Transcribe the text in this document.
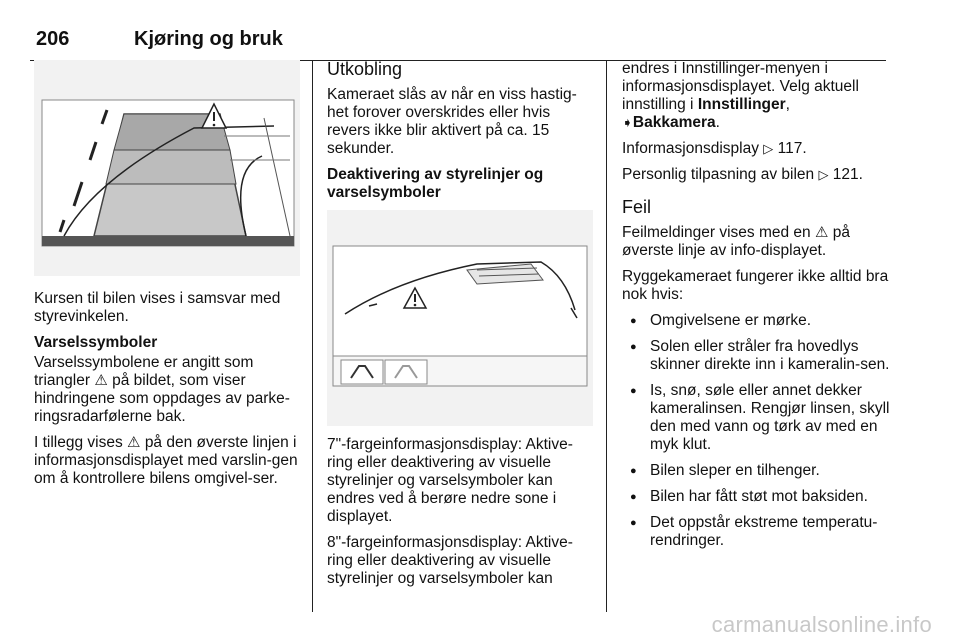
206	Kjøring og bruk

Kursen til bilen vises i samsvar med styrevinkelen.

Varselssymboler

Varselssymbolene er angitt som triangler ⚠ på bildet, som viser hindringene som oppdages av parke-ringsradarfølerne bak.

I tillegg vises ⚠ på den øverste linjen i informasjonsdisplayet med varslin-gen om å kontrollere bilens omgivel-ser.

Utkobling

Kameraet slås av når en viss hastig-het forover overskrides eller hvis revers ikke blir aktivert på ca. 15 sekunder.

Deaktivering av styrelinjer og varselsymboler

7"-fargeinformasjonsdisplay: Aktive-ring eller deaktivering av visuelle styrelinjer og varselsymboler kan endres ved å berøre nedre sone i displayet.

8"-fargeinformasjonsdisplay: Aktive-ring eller deaktivering av visuelle styrelinjer og varselsymboler kan

endres i Innstillinger-menyen i informasjonsdisplayet. Velg aktuell innstilling i Innstillinger, ➧Bakkamera.

Informasjonsdisplay ▷ 117.

Personlig tilpasning av bilen ▷ 121.

Feil

Feilmeldinger vises med en ⚠ på øverste linje av info-displayet.

Ryggekameraet fungerer ikke alltid bra nok hvis:

● Omgivelsene er mørke.
● Solen eller stråler fra hovedlys skinner direkte inn i kameralin-sen.
● Is, snø, søle eller annet dekker kameralinsen. Rengjør linsen, skyll den med vann og tørk av med en myk klut.
● Bilen sleper en tilhenger.
● Bilen har fått støt mot baksiden.
● Det oppstår ekstreme temperatu-rendringer.
carmanualsonline.info
